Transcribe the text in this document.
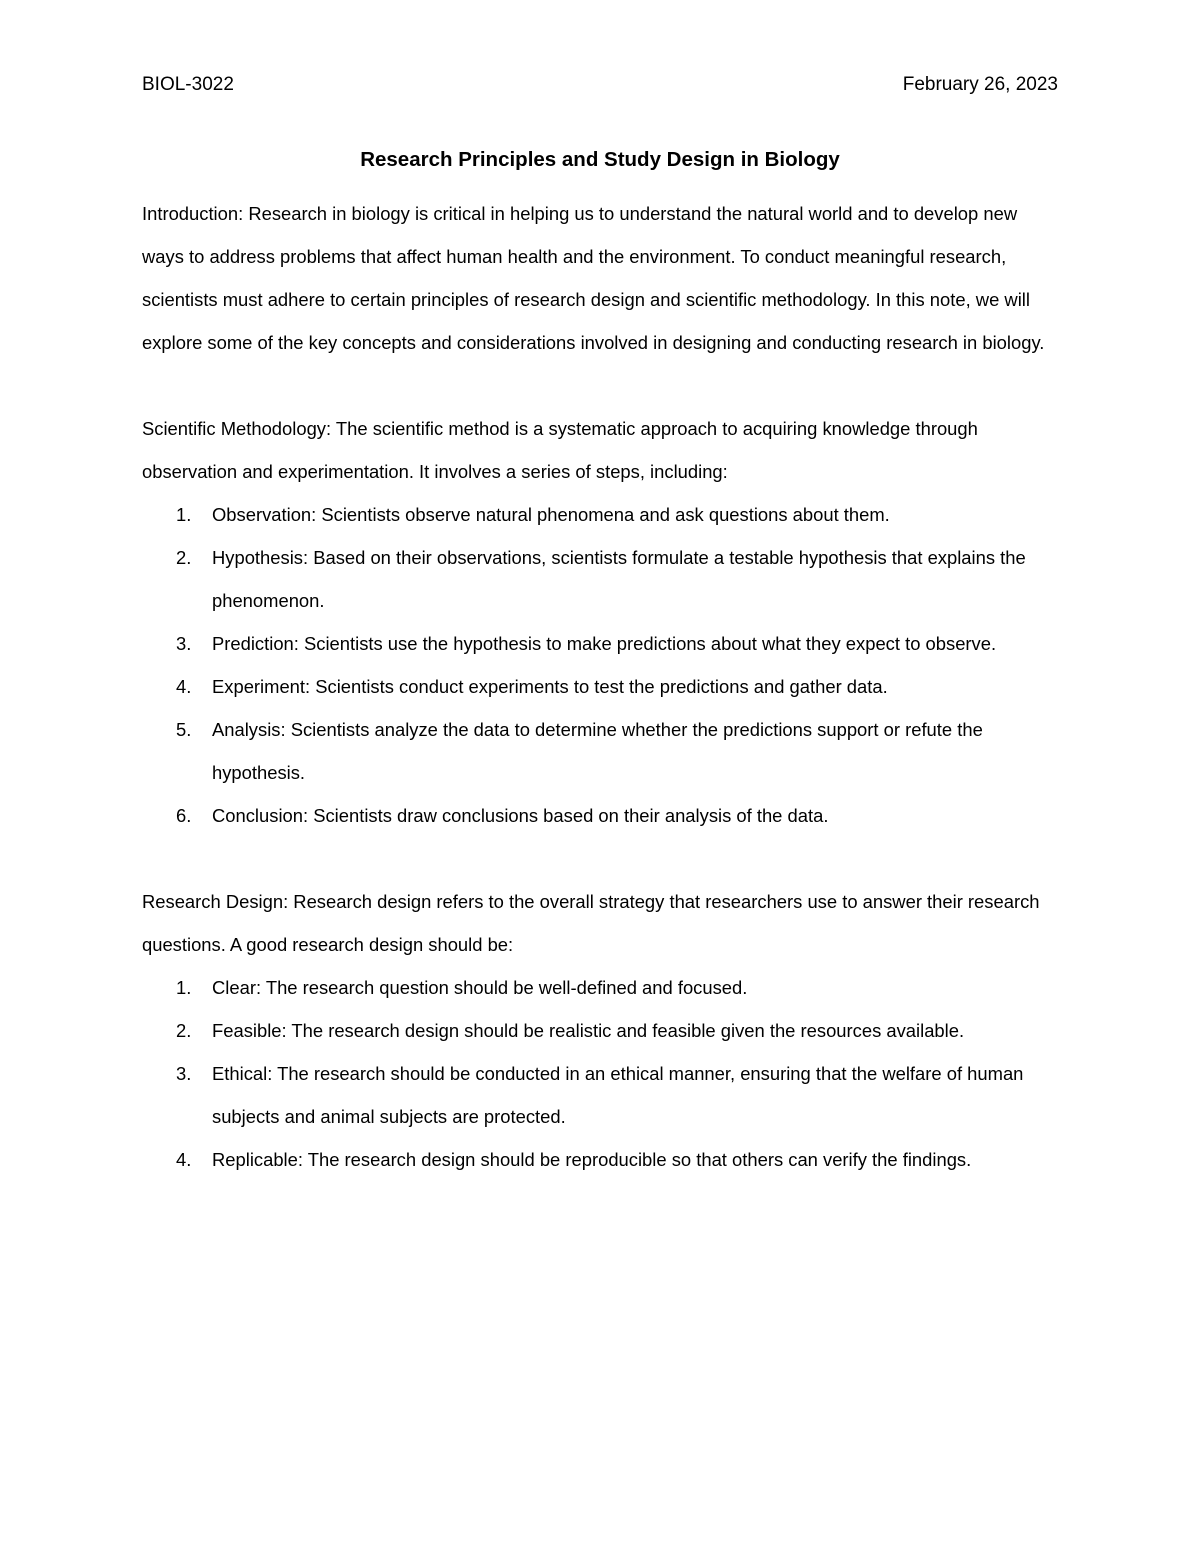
BIOL-3022	February 26, 2023
Research Principles and Study Design in Biology

Introduction: Research in biology is critical in helping us to understand the natural world and to develop new ways to address problems that affect human health and the environment. To conduct meaningful research, scientists must adhere to certain principles of research design and scientific methodology. In this note, we will explore some of the key concepts and considerations involved in designing and conducting research in biology.

Scientific Methodology: The scientific method is a systematic approach to acquiring knowledge through observation and experimentation. It involves a series of steps, including:

1.	Observation: Scientists observe natural phenomena and ask questions about them.
2.	Hypothesis: Based on their observations, scientists formulate a testable hypothesis that explains the phenomenon.
3.	Prediction: Scientists use the hypothesis to make predictions about what they expect to observe.
4.	Experiment: Scientists conduct experiments to test the predictions and gather data.
5.	Analysis: Scientists analyze the data to determine whether the predictions support or refute the hypothesis.
6.	Conclusion: Scientists draw conclusions based on their analysis of the data.

Research Design: Research design refers to the overall strategy that researchers use to answer their research questions. A good research design should be:

1.	Clear: The research question should be well-defined and focused.
2.	Feasible: The research design should be realistic and feasible given the resources available.
3.	Ethical: The research should be conducted in an ethical manner, ensuring that the welfare of human subjects and animal subjects are protected.
4.	Replicable: The research design should be reproducible so that others can verify the findings.
